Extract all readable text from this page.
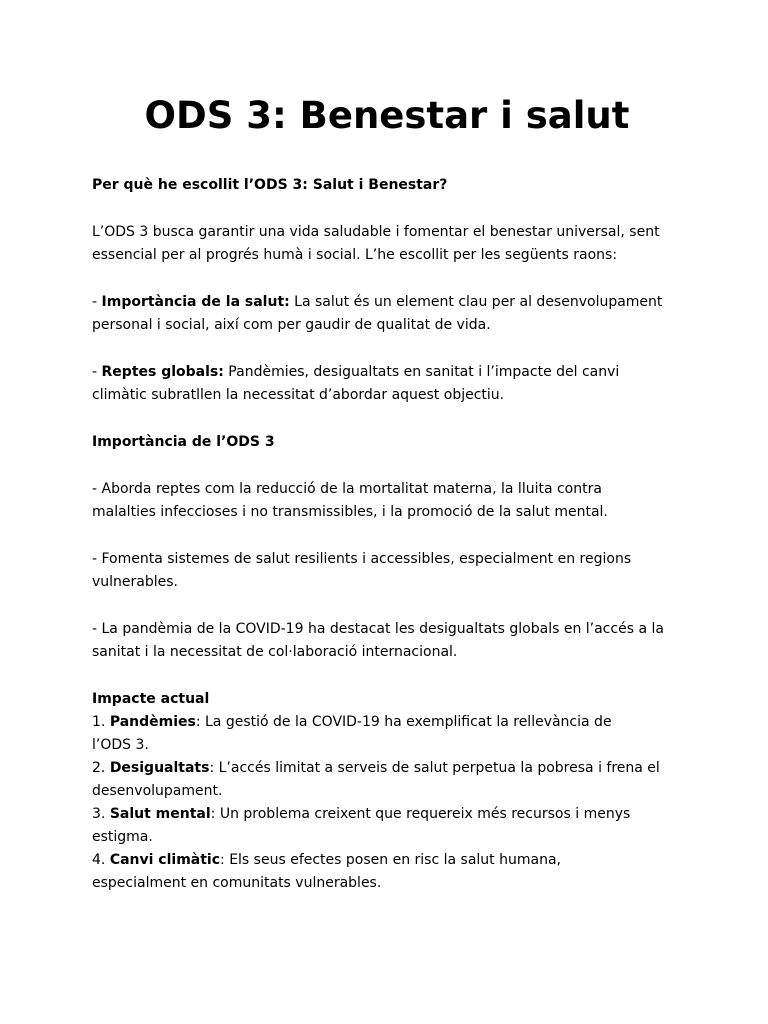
ODS 3: Benestar i salut

Per què he escollit l’ODS 3: Salut i Benestar?

L’ODS 3 busca garantir una vida saludable i fomentar el benestar universal, sent essencial per al progrés humà i social. L’he escollit per les següents raons:

- Importància de la salut: La salut és un element clau per al desenvolupament personal i social, així com per gaudir de qualitat de vida.

- Reptes globals: Pandèmies, desigualtats en sanitat i l’impacte del canvi climàtic subratllen la necessitat d’abordar aquest objectiu.

Importància de l’ODS 3

- Aborda reptes com la reducció de la mortalitat materna, la lluita contra malalties infeccioses i no transmissibles, i la promoció de la salut mental.

- Fomenta sistemes de salut resilients i accessibles, especialment en regions vulnerables.

- La pandèmia de la COVID-19 ha destacat les desigualtats globals en l’accés a la sanitat i la necessitat de col·laboració internacional.

Impacte actual

1. Pandèmies: La gestió de la COVID-19 ha exemplificat la rellevància de l’ODS 3.

2. Desigualtats: L’accés limitat a serveis de salut perpetua la pobresa i frena el desenvolupament.

3. Salut mental: Un problema creixent que requereix més recursos i menys estigma.

4. Canvi climàtic: Els seus efectes posen en risc la salut humana, especialment en comunitats vulnerables.
